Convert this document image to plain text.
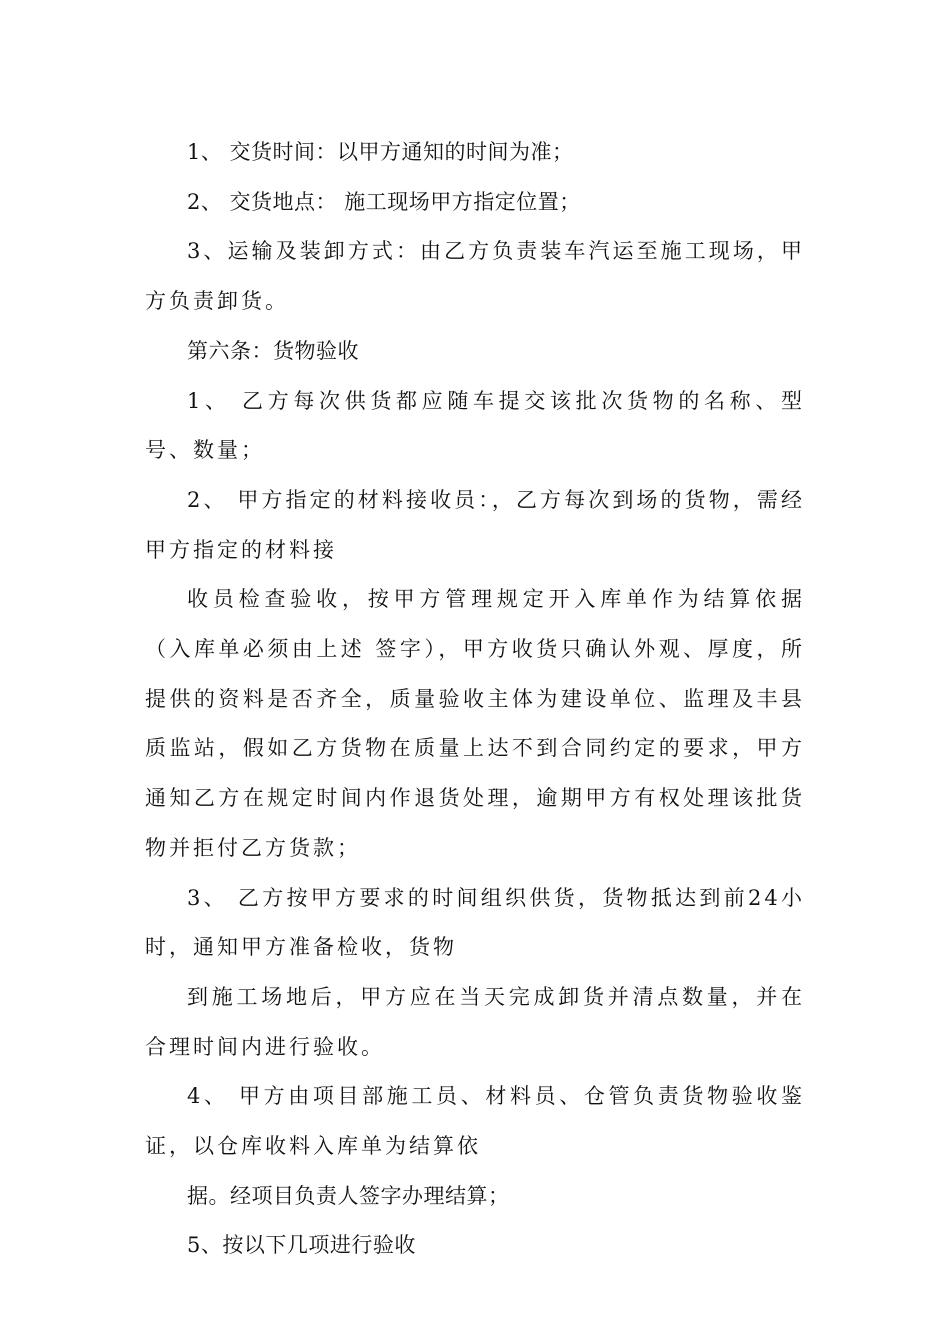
1、 交货时间：以甲方通知的时间为准；

2、 交货地点： 施工现场甲方指定位置；

3、运输及装卸方式：由乙方负责装车汽运至施工现场，甲方负责卸货。

第六条：货物验收

1、 乙方每次供货都应随车提交该批次货物的名称、型号、数量；

2、 甲方指定的材料接收员：，乙方每次到场的货物，需经甲方指定的材料接

收员检查验收，按甲方管理规定开入库单作为结算依据（入库单必须由上述 签字），甲方收货只确认外观、厚度，所提供的资料是否齐全，质量验收主体为建设单位、监理及丰县质监站，假如乙方货物在质量上达不到合同约定的要求，甲方通知乙方在规定时间内作退货处理，逾期甲方有权处理该批货物并拒付乙方货款；

3、 乙方按甲方要求的时间组织供货，货物抵达到前24小时，通知甲方准备检收，货物

到施工场地后，甲方应在当天完成卸货并清点数量，并在合理时间内进行验收。

4、 甲方由项目部施工员、材料员、仓管负责货物验收鉴证，以仓库收料入库单为结算依

据。经项目负责人签字办理结算；

5、按以下几项进行验收
